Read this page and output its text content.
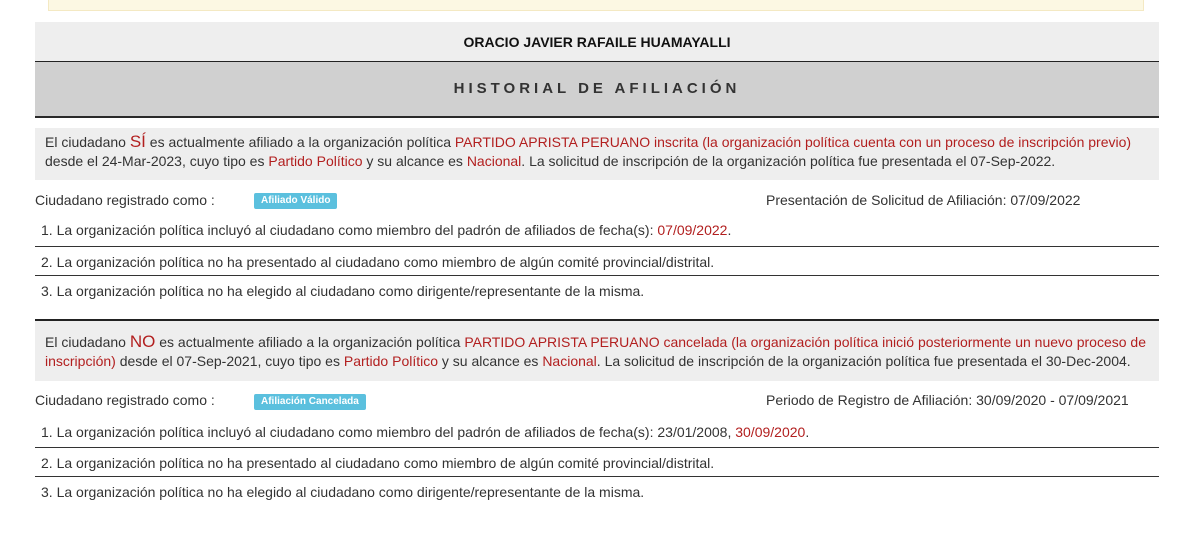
ORACIO JAVIER RAFAILE HUAMAYALLI
HISTORIAL DE AFILIACIÓN
El ciudadano SÍ es actualmente afiliado a la organización política PARTIDO APRISTA PERUANO inscrita (la organización política cuenta con un proceso de inscripción previo) desde el 24-Mar-2023, cuyo tipo es Partido Político y su alcance es Nacional. La solicitud de inscripción de la organización política fue presentada el 07-Sep-2022.
Ciudadano registrado como :	Afiliado Válido	Presentación de Solicitud de Afiliación: 07/09/2022
1. La organización política incluyó al ciudadano como miembro del padrón de afiliados de fecha(s): 07/09/2022.
2. La organización política no ha presentado al ciudadano como miembro de algún comité provincial/distrital.
3. La organización política no ha elegido al ciudadano como dirigente/representante de la misma.
El ciudadano NO es actualmente afiliado a la organización política PARTIDO APRISTA PERUANO cancelada (la organización política inició posteriormente un nuevo proceso de inscripción) desde el 07-Sep-2021, cuyo tipo es Partido Político y su alcance es Nacional. La solicitud de inscripción de la organización política fue presentada el 30-Dec-2004.
Ciudadano registrado como :	Afiliación Cancelada	Periodo de Registro de Afiliación: 30/09/2020 - 07/09/2021
1. La organización política incluyó al ciudadano como miembro del padrón de afiliados de fecha(s): 23/01/2008, 30/09/2020.
2. La organización política no ha presentado al ciudadano como miembro de algún comité provincial/distrital.
3. La organización política no ha elegido al ciudadano como dirigente/representante de la misma.
